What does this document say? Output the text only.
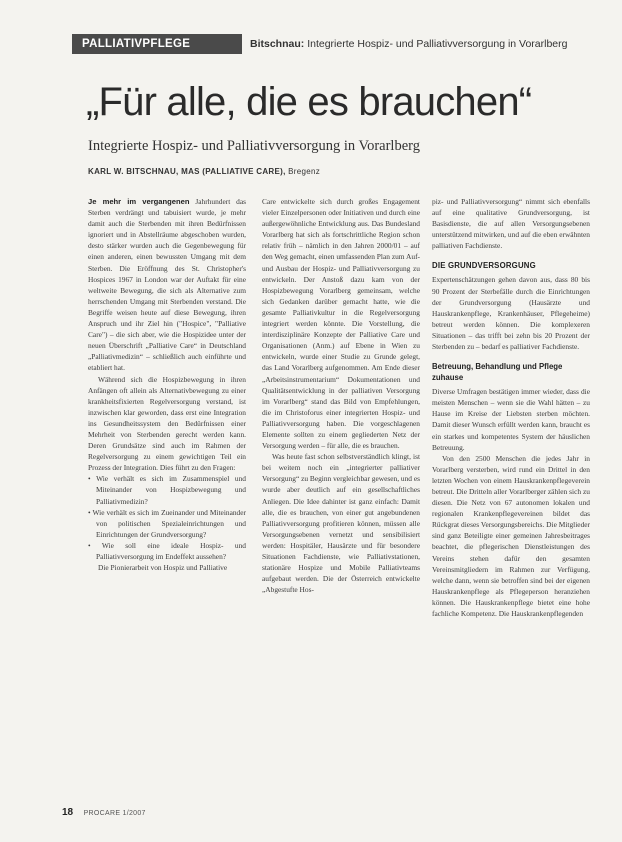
PALLIATIVPFLEGE	Bitschnau: Integrierte Hospiz- und Palliativversorgung in Vorarlberg
„Für alle, die es brauchen“
Integrierte Hospiz- und Palliativversorgung in Vorarlberg
KARL W. BITSCHNAU, MAS (PALLIATIVE CARE), Bregenz

Je mehr im vergangenen Jahrhundert das Sterben verdrängt und tabuisiert wurde, je mehr damit auch die Sterbenden mit ihren Bedürfnissen ignoriert und in Abstellräume abgeschoben wurden, desto stärker wurden auch die Gegenbewegung für einen anderen, einen bewussten Umgang mit dem Sterben. Die Eröffnung des St. Christopher's Hospices 1967 in London war der Auftakt für eine weltweite Bewegung, die sich als Alternative zum herrschenden Umgang mit Sterbenden verstand. Die Begriffe weisen heute auf diese Bewegung, ihren Anspruch und ihr Ziel hin ("Hospice", "Palliative Care") – die sich aber, wie die Hospizidee unter der neuen Überschrift „Palliative Care“ in Deutschland „Palliativmedizin“ – schließlich auch einführte und etabliert hat.

Während sich die Hospizbewegung in ihren Anfängen oft allein als Alternativbewegung zu einer krankheitsfixierten Regelversorgung verstand, ist inzwischen klar geworden, dass erst eine Integration ins Gesundheitssystem den Bedürfnissen einer Mehrheit von Sterbenden gerecht werden kann. Deren Grundsätze sind auch im Rahmen der Regelversorgung zu einem gewichtigen Teil ein Prozess der Integration. Dies führt zu den Fragen:

• Wie verhält es sich im Zusammenspiel und Miteinander von Hospizbewegung und Palliativmedizin?
• Wie verhält es sich im Zueinander und Miteinander von politischen Spezialeinrichtungen und Einrichtungen der Grundversorgung?
• Wie soll eine ideale Hospiz- und Palliativversorgung im Endeffekt aussehen?

Die Pionierarbeit von Hospiz und Palliative

Care entwickelte sich durch großes Engagement vieler Einzelpersonen oder Initiativen und durch eine außergewöhnliche Entwicklung aus. Das Bundesland Vorarlberg hat sich als fortschrittliche Region schon relativ früh – nämlich in den Jahren 2000/01 – auf den Weg gemacht, einen umfassenden Plan zum Auf- und Ausbau der Hospiz- und Palliativversorgung zu entwickeln. Der Anstoß dazu kam von der Hospizbewegung Vorarlberg gemeinsam, welche sich Gedanken darüber gemacht hatte, wie die gesamte Palliativkultur in die Regelversorgung integriert werden könnte. Die Vorstellung, die interdisziplinäre Konzepte der Palliative Care und Organisationen (Anm.) auf Ebene in Wien zu entwickeln, wurde einer Studie zu Grunde gelegt, das Land Vorarlberg aufgenommen. Am Ende dieser „Arbeitsinstrumentarium“ Dokumentationen und Qualitätsentwicklung in der palliativen Versorgung im Vorarlberg“ stand das Bild von Empfehlungen, die im Christoforus einer integrierten Hospiz- und Palliativversorgung haben. Die vorgeschlagenen Elemente sollten zu einem gegliederten Netz der Versorgung werden – für alle, die es brauchen.

Was heute fast schon selbstverständlich klingt, ist bei weitem noch ein „integrierter palliativer Versorgung“ zu Beginn vergleichbar gewesen, und es wurde aber deutlich auf ein gesellschaftliches Anliegen. Die Idee dahinter ist ganz einfach: Damit alle, die es brauchen, von einer gut angebundenen Palliativversorgung profitieren können, müssen alle Versorgungsebenen vernetzt und sensibilisiert werden: Hospitäler, Hausärzte und für besondere Situationen Fachdienste, wie Palliativstationen, stationäre Hospize und Mobile Palliativteams aufgebaut werden. Die der Österreich entwickelte „Abgestufte Hos-

piz- und Palliativversorgung“ nimmt sich ebenfalls auf eine qualitative Grundversorgung, ist Basisdienste, die auf allen Versorgungsebenen unterstützend mitwirken, und auf die eben erwähnten palliativen Fachdienste.

DIE GRUNDVERSORGUNG

Expertenschätzungen gehen davon aus, dass 80 bis 90 Prozent der Sterbefälle durch die Einrichtungen der Grundversorgung (Hausärzte und Hauskrankenpflege, Krankenhäuser, Pflegeheime) betreut werden können. Die komplexeren Situationen – das trifft bei zehn bis 20 Prozent der Sterbenden zu – bedarf es palliativer Fachdienste.

Betreuung, Behandlung und Pflege zuhause

Diverse Umfragen bestätigen immer wieder, dass die meisten Menschen – wenn sie die Wahl hätten – zu Hause im Kreise der Liebsten sterben möchten. Damit dieser Wunsch erfüllt werden kann, braucht es ein starkes und kompetentes System der häuslichen Betreuung.

Von den 2500 Menschen die jedes Jahr in Vorarlberg versterben, wird rund ein Drittel in den letzten Wochen von einem Hauskrankenpflegeverein betreut. Die Dritteln aller Vorarlberger zählen sich zu diesen. Die Netz von 67 autonomen lokalen und regionalen Krankenpflegevereinen bildet das Rückgrat dieses Versorgungsbereichs. Die Mitglieder sind ganz Beteiligte einer gemeinen Jahresbeitrages beachtet, die pflegerischen Dienstleistungen des Vereins stehen dafür den gesamten Vereinsmitgliedern im Rahmen zur Verfügung, welche dann, wenn sie betroffen sind bei der eigenen Hauskrankenpflege als Pflegeperson heranziehen können. Die Hauskrankenpflege bietet eine hohe fachliche Kompetenz. Die Hauskrankenpflegenden

18 PROCARE 1/2007
